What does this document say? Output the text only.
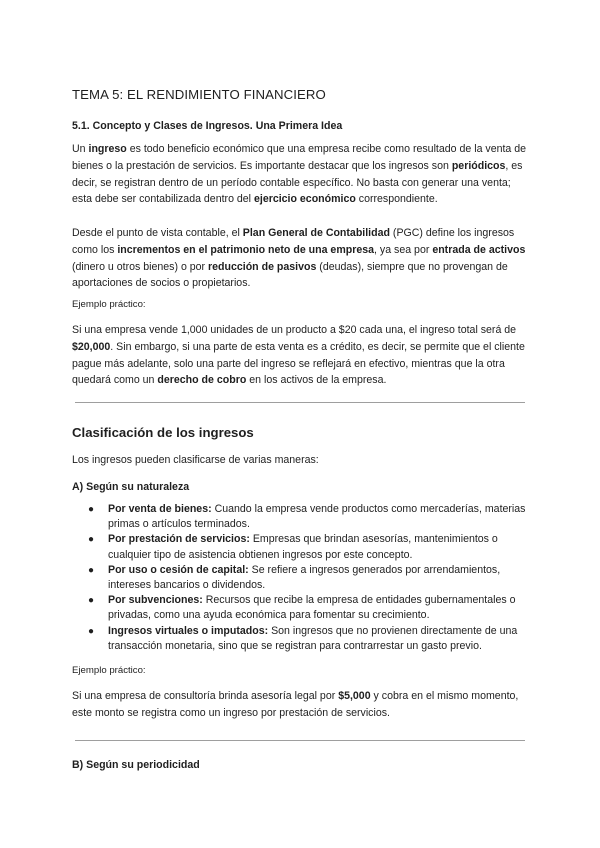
TEMA 5: EL RENDIMIENTO FINANCIERO
5.1. Concepto y Clases de Ingresos. Una Primera Idea

Un ingreso es todo beneficio económico que una empresa recibe como resultado de la venta de bienes o la prestación de servicios. Es importante destacar que los ingresos son periódicos, es decir, se registran dentro de un período contable específico. No basta con generar una venta; esta debe ser contabilizada dentro del ejercicio económico correspondiente.

Desde el punto de vista contable, el Plan General de Contabilidad (PGC) define los ingresos como los incrementos en el patrimonio neto de una empresa, ya sea por entrada de activos (dinero u otros bienes) o por reducción de pasivos (deudas), siempre que no provengan de aportaciones de socios o propietarios.

Ejemplo práctico:

Si una empresa vende 1,000 unidades de un producto a $20 cada una, el ingreso total será de $20,000. Sin embargo, si una parte de esta venta es a crédito, es decir, se permite que el cliente pague más adelante, solo una parte del ingreso se reflejará en efectivo, mientras que la otra quedará como un derecho de cobro en los activos de la empresa.

Clasificación de los ingresos
Los ingresos pueden clasificarse de varias maneras:
A) Según su naturaleza
● Por venta de bienes: Cuando la empresa vende productos como mercaderías, materias primas o artículos terminados.
● Por prestación de servicios: Empresas que brindan asesorías, mantenimientos o cualquier tipo de asistencia obtienen ingresos por este concepto.
● Por uso o cesión de capital: Se refiere a ingresos generados por arrendamientos, intereses bancarios o dividendos.
● Por subvenciones: Recursos que recibe la empresa de entidades gubernamentales o privadas, como una ayuda económica para fomentar su crecimiento.
● Ingresos virtuales o imputados: Son ingresos que no provienen directamente de una transacción monetaria, sino que se registran para contrarrestar un gasto previo.
Ejemplo práctico:

Si una empresa de consultoría brinda asesoría legal por $5,000 y cobra en el mismo momento, este monto se registra como un ingreso por prestación de servicios.

B) Según su periodicidad
